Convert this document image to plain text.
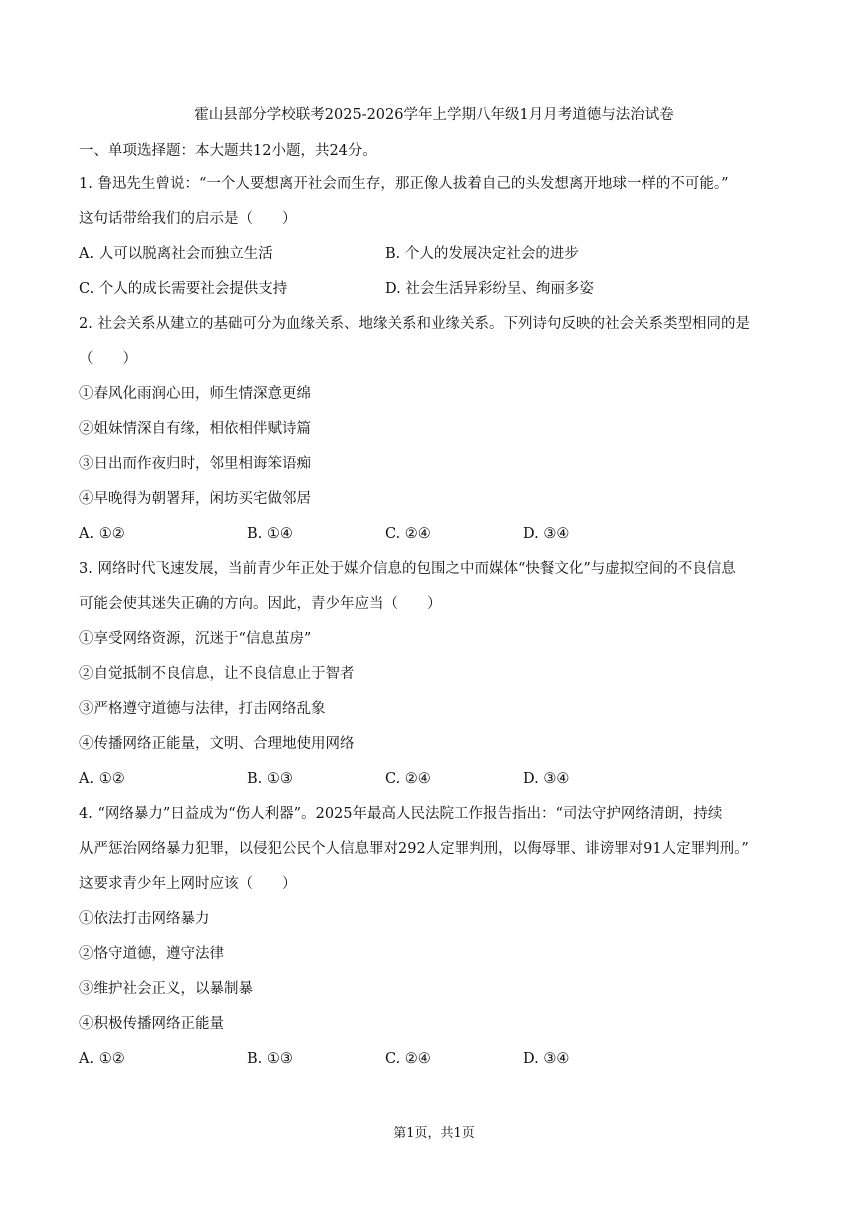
霍山县部分学校联考2025-2026学年上学期八年级1月月考道德与法治试卷
一、单项选择题：本大题共12小题，共24分。
1. 鲁迅先生曾说：“一个人要想离开社会而生存，那正像人拔着自己的头发想离开地球一样的不可能。”
这句话带给我们的启示是（　　）
A. 人可以脱离社会而独立生活	B. 个人的发展决定社会的进步
C. 个人的成长需要社会提供支持	D. 社会生活异彩纷呈、绚丽多姿
2. 社会关系从建立的基础可分为血缘关系、地缘关系和业缘关系。下列诗句反映的社会关系类型相同的是
（　　）
①春风化雨润心田，师生情深意更绵
②姐妹情深自有缘，相依相伴赋诗篇
③日出而作夜归时，邻里相诲笨语痴
④早晚得为朝署拜，闲坊买宅做邻居
A. ①②	B. ①④	C. ②④	D. ③④
3. 网络时代飞速发展，当前青少年正处于媒介信息的包围之中而媒体“快餐文化”与虚拟空间的不良信息
可能会使其迷失正确的方向。因此，青少年应当（　　）
①享受网络资源，沉迷于“信息茧房”
②自觉抵制不良信息，让不良信息止于智者
③严格遵守道德与法律，打击网络乱象
④传播网络正能量，文明、合理地使用网络
A. ①②	B. ①③	C. ②④	D. ③④
4. “网络暴力”日益成为“伤人利器”。2025年最高人民法院工作报告指出：“司法守护网络清朗，持续
从严惩治网络暴力犯罪，以侵犯公民个人信息罪对292人定罪判刑，以侮辱罪、诽谤罪对91人定罪判刑。”
这要求青少年上网时应该（　　）
①依法打击网络暴力
②恪守道德，遵守法律
③维护社会正义，以暴制暴
④积极传播网络正能量
A. ①②	B. ①③	C. ②④	D. ③④
第1页，共1页
